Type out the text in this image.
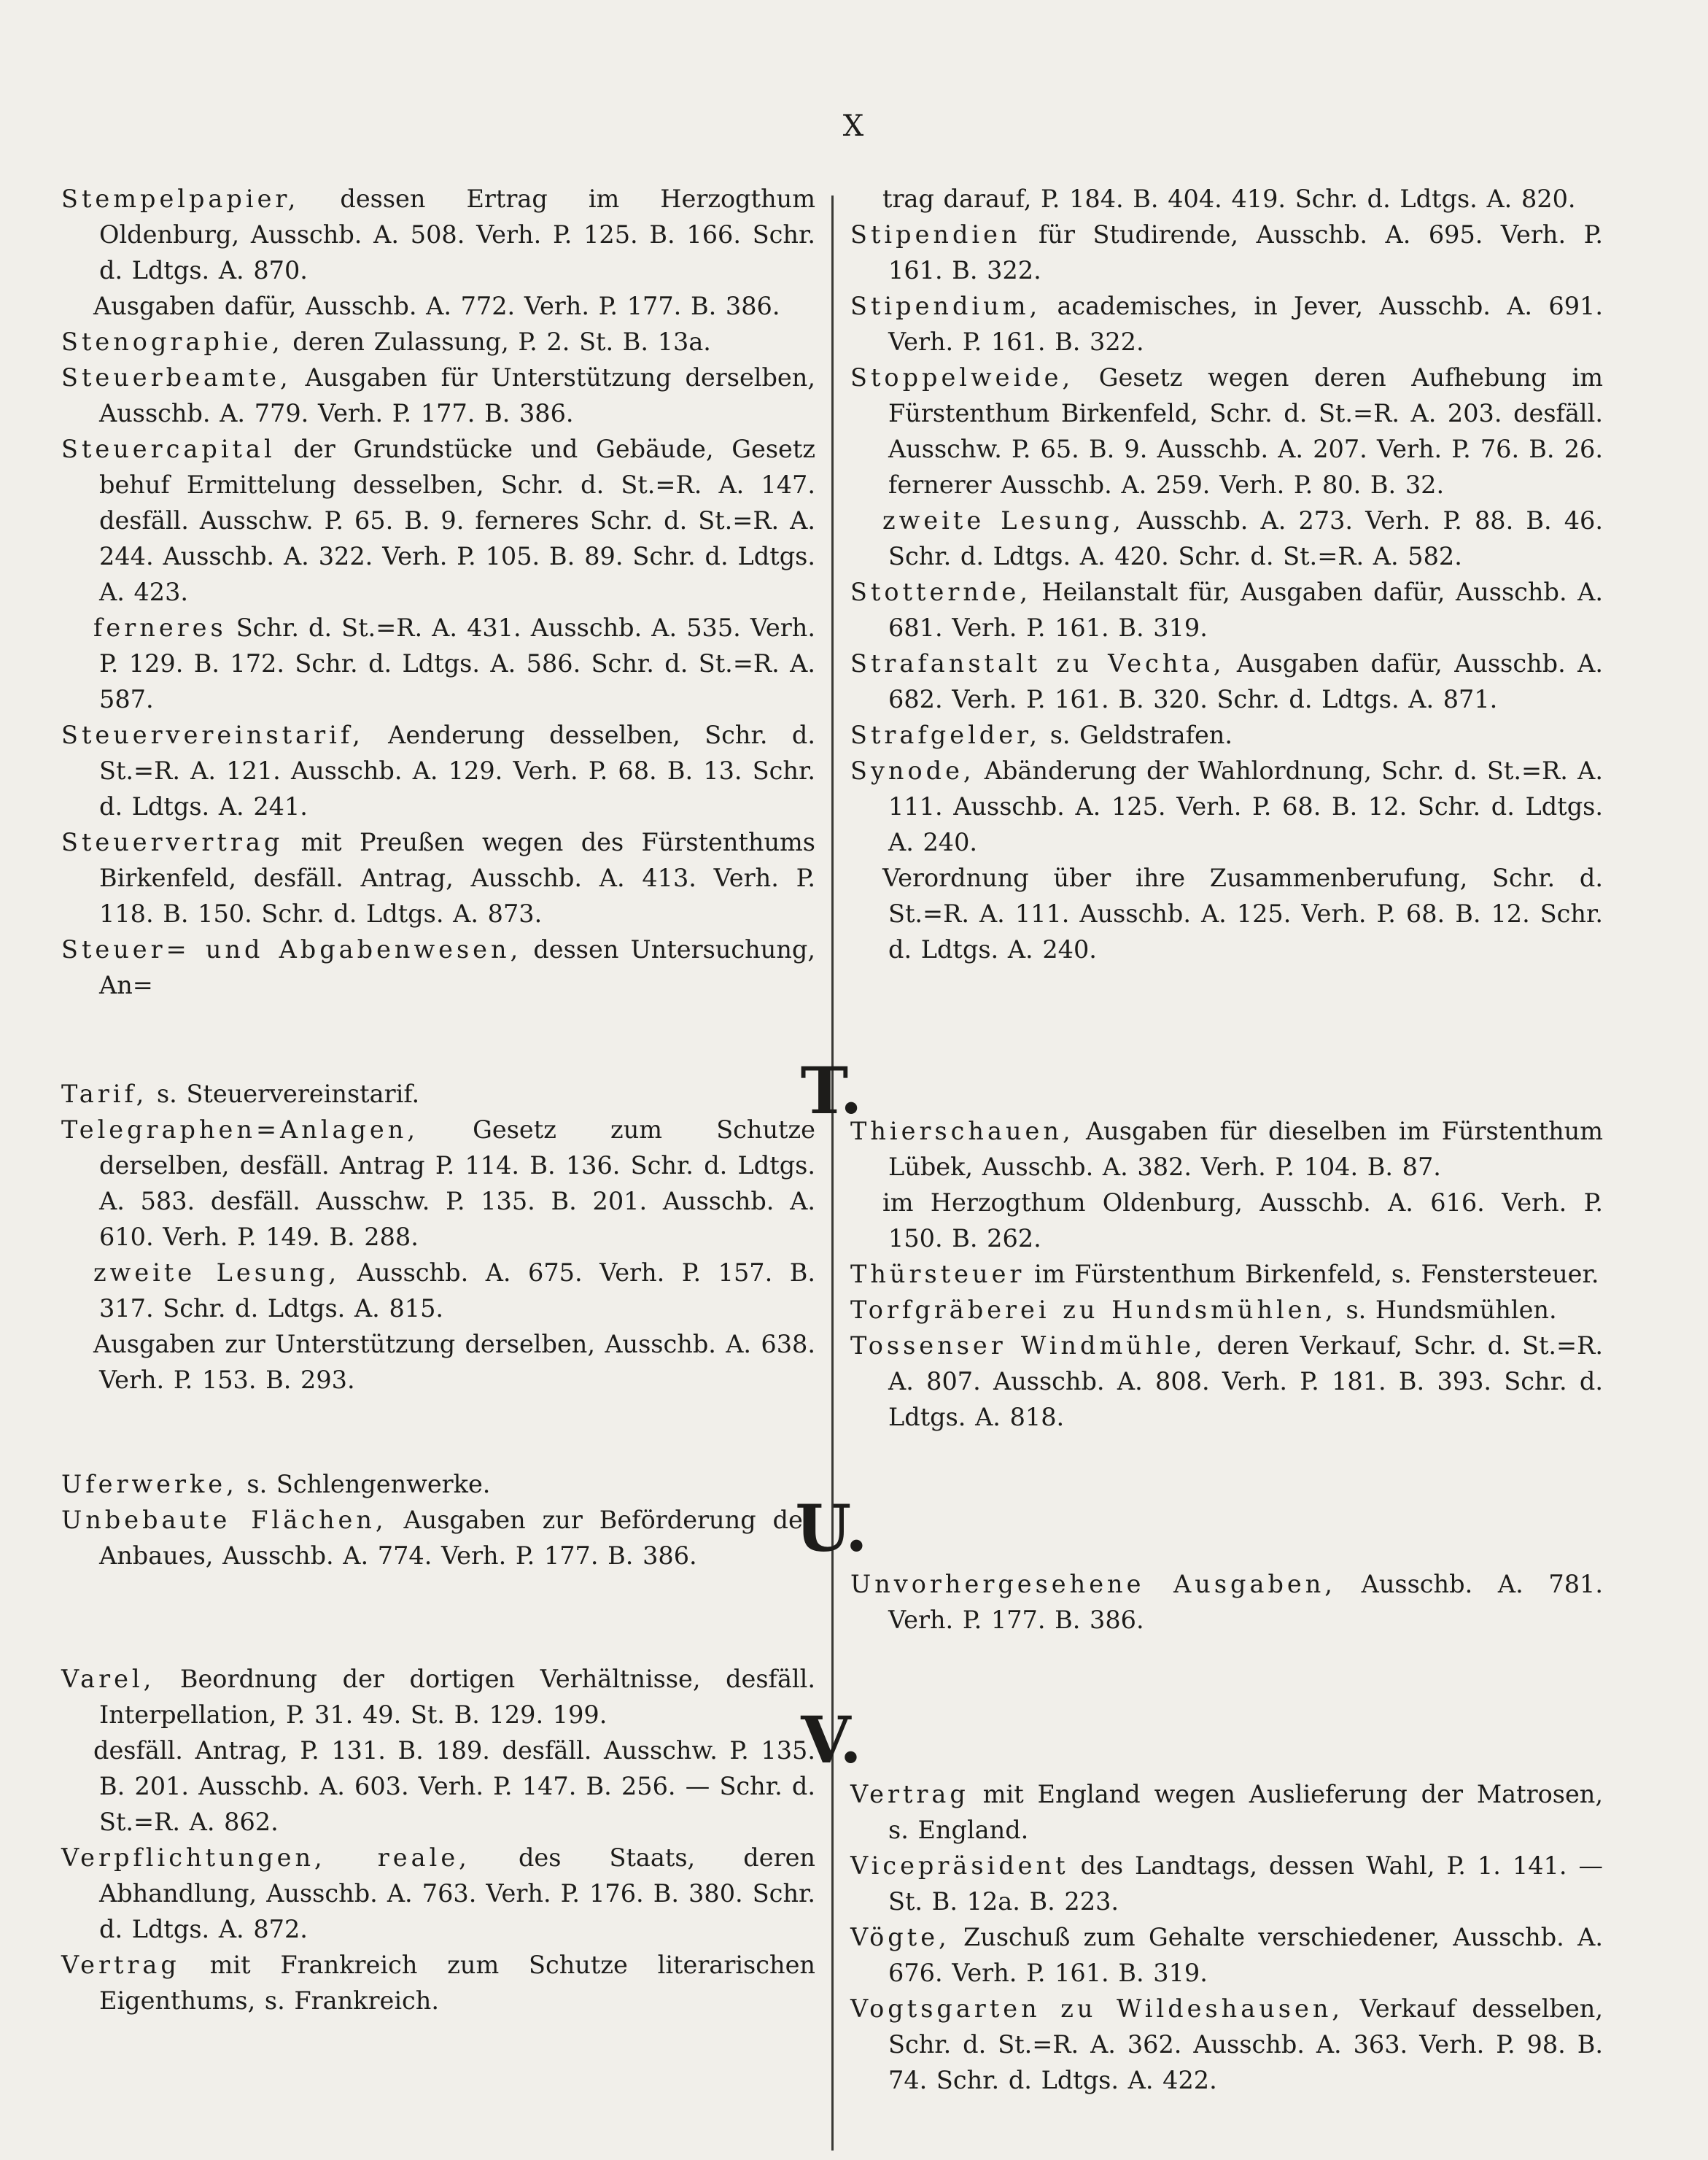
X
T.
U.
V.

Stempelpapier, dessen Ertrag im Herzogthum Oldenburg, Ausschb. A. 508. Verh. P. 125. B. 166. Schr. d. Ldtgs. A. 870.

Ausgaben dafür, Ausschb. A. 772. Verh. P. 177. B. 386.

Stenographie, deren Zulassung, P. 2. St. B. 13a.

Steuerbeamte, Ausgaben für Unterstützung derselben, Ausschb. A. 779. Verh. P. 177. B. 386.

Steuercapital der Grundstücke und Gebäude, Gesetz behuf Ermittelung desselben, Schr. d. St.=R. A. 147. desfäll. Ausschw. P. 65. B. 9. ferneres Schr. d. St.=R. A. 244. Ausschb. A. 322. Verh. P. 105. B. 89. Schr. d. Ldtgs. A. 423.

ferneres Schr. d. St.=R. A. 431. Ausschb. A. 535. Verh. P. 129. B. 172. Schr. d. Ldtgs. A. 586. Schr. d. St.=R. A. 587.

Steuervereinstarif, Aenderung desselben, Schr. d. St.=R. A. 121. Ausschb. A. 129. Verh. P. 68. B. 13. Schr. d. Ldtgs. A. 241.

Steuervertrag mit Preußen wegen des Fürstenthums Birkenfeld, desfäll. Antrag, Ausschb. A. 413. Verh. P. 118. B. 150. Schr. d. Ldtgs. A. 873.

Steuer= und Abgabenwesen, dessen Untersuchung, An=

Tarif, s. Steuervereinstarif.

Telegraphen=Anlagen, Gesetz zum Schutze derselben, desfäll. Antrag P. 114. B. 136. Schr. d. Ldtgs. A. 583. desfäll. Ausschw. P. 135. B. 201. Ausschb. A. 610. Verh. P. 149. B. 288.

zweite Lesung, Ausschb. A. 675. Verh. P. 157. B. 317. Schr. d. Ldtgs. A. 815.

Ausgaben zur Unterstützung derselben, Ausschb. A. 638. Verh. P. 153. B. 293.

Uferwerke, s. Schlengenwerke.

Unbebaute Flächen, Ausgaben zur Beförderung des Anbaues, Ausschb. A. 774. Verh. P. 177. B. 386.

Varel, Beordnung der dortigen Verhältnisse, desfäll. Interpellation, P. 31. 49. St. B. 129. 199.

desfäll. Antrag, P. 131. B. 189. desfäll. Ausschw. P. 135. B. 201. Ausschb. A. 603. Verh. P. 147. B. 256. — Schr. d. St.=R. A. 862.

Verpflichtungen, reale, des Staats, deren Abhandlung, Ausschb. A. 763. Verh. P. 176. B. 380. Schr. d. Ldtgs. A. 872.

Vertrag mit Frankreich zum Schutze literarischen Eigenthums, s. Frankreich.

trag darauf, P. 184. B. 404. 419. Schr. d. Ldtgs. A. 820.

Stipendien für Studirende, Ausschb. A. 695. Verh. P. 161. B. 322.

Stipendium, academisches, in Jever, Ausschb. A. 691. Verh. P. 161. B. 322.

Stoppelweide, Gesetz wegen deren Aufhebung im Fürstenthum Birkenfeld, Schr. d. St.=R. A. 203. desfäll. Ausschw. P. 65. B. 9. Ausschb. A. 207. Verh. P. 76. B. 26. fernerer Ausschb. A. 259. Verh. P. 80. B. 32.

zweite Lesung, Ausschb. A. 273. Verh. P. 88. B. 46. Schr. d. Ldtgs. A. 420. Schr. d. St.=R. A. 582.

Stotternde, Heilanstalt für, Ausgaben dafür, Ausschb. A. 681. Verh. P. 161. B. 319.

Strafanstalt zu Vechta, Ausgaben dafür, Ausschb. A. 682. Verh. P. 161. B. 320. Schr. d. Ldtgs. A. 871.

Strafgelder, s. Geldstrafen.

Synode, Abänderung der Wahlordnung, Schr. d. St.=R. A. 111. Ausschb. A. 125. Verh. P. 68. B. 12. Schr. d. Ldtgs. A. 240.

Verordnung über ihre Zusammenberufung, Schr. d. St.=R. A. 111. Ausschb. A. 125. Verh. P. 68. B. 12. Schr. d. Ldtgs. A. 240.

Thierschauen, Ausgaben für dieselben im Fürstenthum Lübek, Ausschb. A. 382. Verh. P. 104. B. 87.

im Herzogthum Oldenburg, Ausschb. A. 616. Verh. P. 150. B. 262.

Thürsteuer im Fürstenthum Birkenfeld, s. Fenstersteuer.

Torfgräberei zu Hundsmühlen, s. Hundsmühlen.

Tossenser Windmühle, deren Verkauf, Schr. d. St.=R. A. 807. Ausschb. A. 808. Verh. P. 181. B. 393. Schr. d. Ldtgs. A. 818.

Unvorhergesehene Ausgaben, Ausschb. A. 781. Verh. P. 177. B. 386.

Vertrag mit England wegen Auslieferung der Matrosen, s. England.

Vicepräsident des Landtags, dessen Wahl, P. 1. 141. — St. B. 12a. B. 223.

Vögte, Zuschuß zum Gehalte verschiedener, Ausschb. A. 676. Verh. P. 161. B. 319.

Vogtsgarten zu Wildeshausen, Verkauf desselben, Schr. d. St.=R. A. 362. Ausschb. A. 363. Verh. P. 98. B. 74. Schr. d. Ldtgs. A. 422.
